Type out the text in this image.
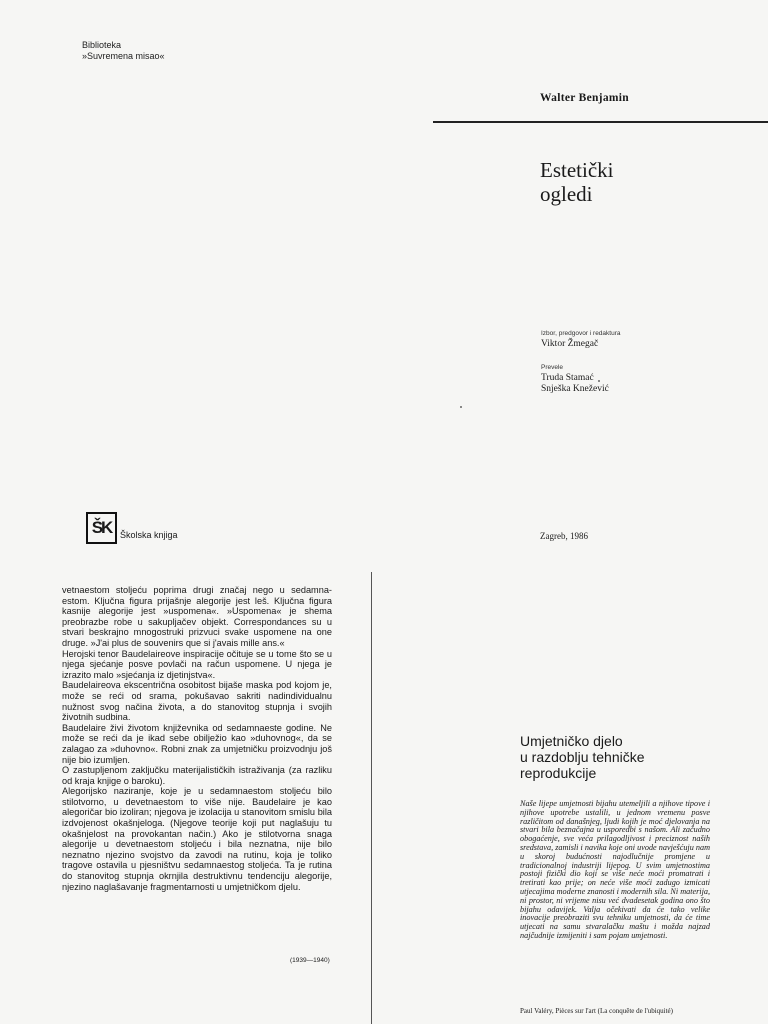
Biblioteka
»Suvremena misao«
Walter Benjamin
Estetički
ogledi
Izbor, predgovor i redaktura
Viktor Žmegač
Prevele
Truda Stamać
Snješka Knežević
ŠK Školska knjiga	Zagreb, 1986

vetnaestom stoljeću poprima drugi značaj nego u sedamna-estom. Ključna figura prijašnje alegorije jest leš. Ključna figura kasnije alegorije jest »uspomena«. »Uspomena« je shema preobrazbe robe u sakupljačev objekt. Correspondances su u stvari beskrajno mnogostruki prizvuci svake uspomene na one druge. »J'ai plus de souvenirs que si j'avais mille ans.«

Herojski tenor Baudelaireove inspiracije očituje se u tome što se u njega sjećanje posve povlači na račun uspomene. U njega je izrazito malo »sjećanja iz djetinjstva«.

Baudelaireova ekscentrična osobitost bijaše maska pod kojom je, može se reći od srama, pokušavao sakriti nadindividualnu nužnost svog načina života, a do stanovitog stupnja i svojih životnih sudbina.

Baudelaire živi životom književnika od sedamnaeste godine. Ne može se reći da je ikad sebe obilježio kao »duhovnog«, da se zalagao za »duhovno«. Robni znak za umjetničku proizvodnju još nije bio izumljen.

O zastupljenom zaključku materijalističkih istraživanja (za razliku od kraja knjige o baroku).

Alegorijsko naziranje, koje je u sedamnaestom stoljeću bilo stilotvorno, u devetnaestom to više nije. Baudelaire je kao alegoričar bio izoliran; njegova je izolacija u stanovitom smislu bila izdvojenost okašnjeloga. (Njegove teorije koji put naglašuju tu okašnjelost na provokantan način.) Ako je stilotvorna snaga alegorije u devetnaestom stoljeću i bila neznatna, nije bilo neznatno njezino svojstvo da zavodi na rutinu, koja je toliko tragove ostavila u pjesništvu sedamnaestog stoljeća. Ta je rutina do stanovitog stupnja okrnjila destruktivnu tendenciju alegorije, njezino naglašavanje fragmentarnosti u umjetničkom djelu.

(1939—1940)
Umjetničko djelo
u razdoblju tehničke
reprodukcije
Naše lijepe umjetnosti bijahu utemeljili a njihove tipove i njihove upotrebe ustalili, u jednom vremenu posve različitom od današnjeg, ljudi kojih je moć djelovanja na stvari bila beznačajna u usporedbi s našom. Ali začudno obogaćenje, sve veća prilagodljivost i preciznost naših sredstava, zamisli i navika koje oni uvode navješćuju nam u skoroj budućnosti najodlučnije promjene u tradicionalnoj industriji lijepog. U svim umjetnostima postoji fizički dio koji se više neće moći promatrati i tretirati kao prije; on neće više moći zadugo izmicati utjecajima moderne znanosti i modernih sila. Ni materija, ni prostor, ni vrijeme nisu već dvadesetak godina ono što bijahu odavijek. Valja očekivati da će tako velike inovacije preobraziti svu tehniku umjetnosti, da će time utjecati na samu stvaralačku maštu i možda najzad najčudnije izmijeniti i sam pojam umjetnosti.
Paul Valéry, Pièces sur l'art (La conquête de l'ubiquité)
